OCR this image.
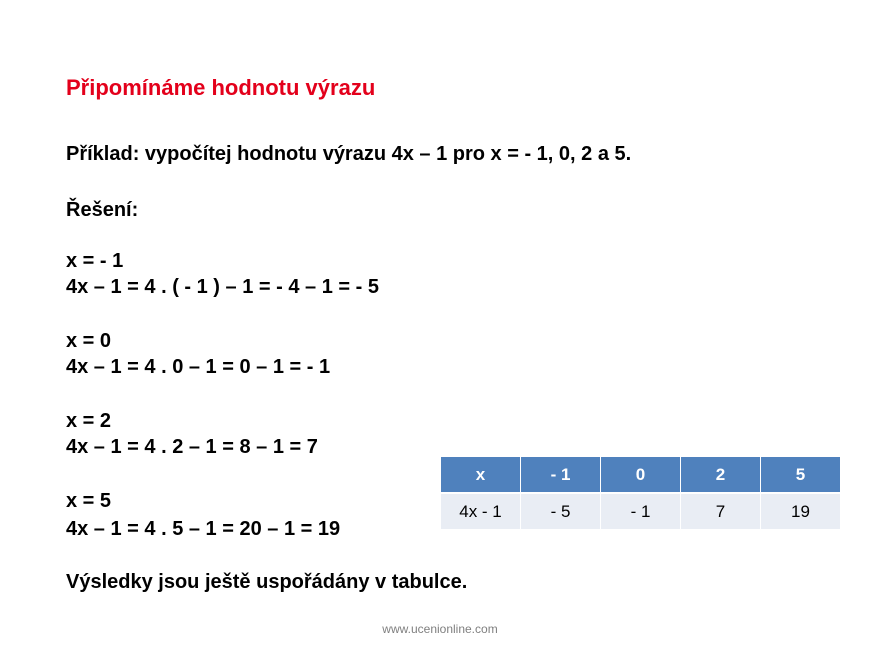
Připomínáme hodnotu výrazu
Příklad: vypočítej hodnotu výrazu 4x – 1 pro x = - 1, 0, 2 a 5.
Řešení:
x = - 1
4x – 1 = 4 . ( - 1 ) – 1 = - 4 – 1 = - 5
x = 0
4x – 1 = 4 . 0 – 1 = 0 – 1 = - 1
x = 2
4x – 1 = 4 . 2 – 1 = 8 – 1 = 7
x = 5
4x – 1 = 4 . 5 – 1 = 20 – 1 = 19
Výsledky jsou ještě uspořádány v tabulce.
x	- 1	0	2	5
4x - 1	- 5	- 1	7	19
www.ucenionline.com
